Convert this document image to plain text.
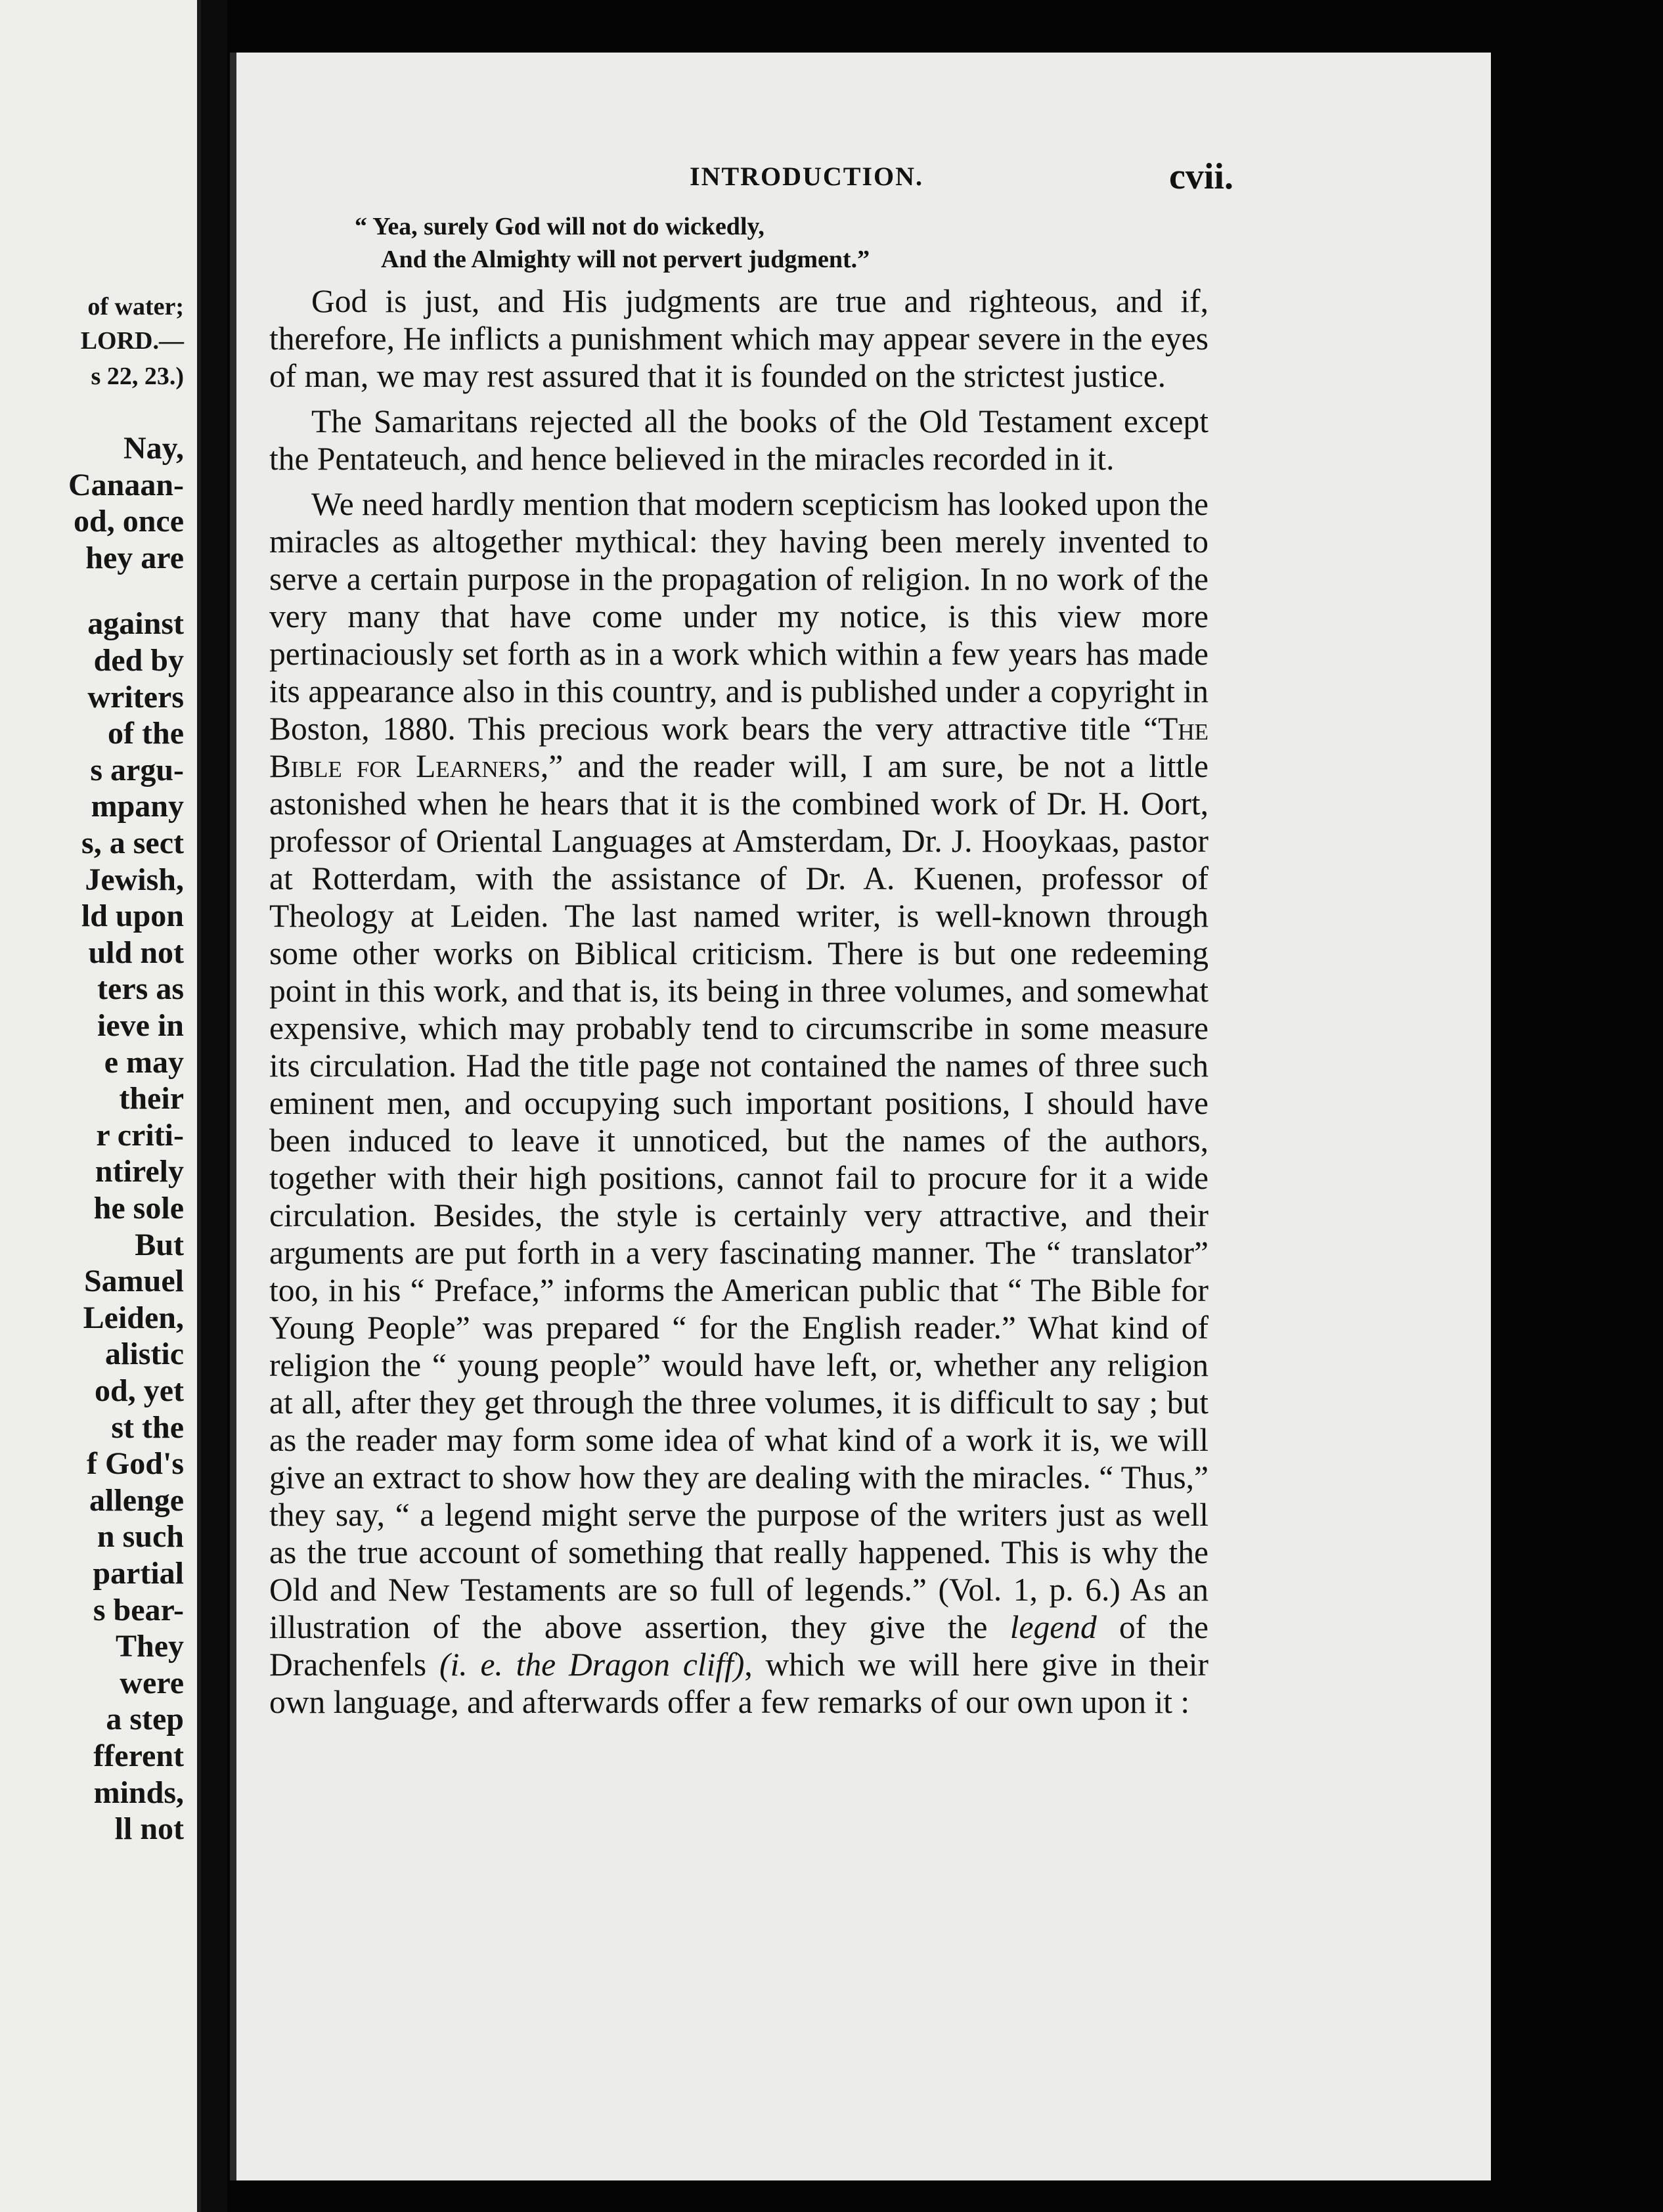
of water;
LORD.—
s 22, 23.)
Nay,
Canaan-
od, once
hey are
against
ded by
writers
of the
s argu-
mpany
s, a sect
Jewish,
ld upon
uld not
ters as
ieve in
e may
their
r criti-
ntirely
he sole
But
Samuel
Leiden,
alistic
od, yet
st the
f God's
allenge
n such
partial
s bear-
They
were
a step
fferent
minds,
ll not
INTRODUCTION.	cvii.
“ Yea, surely God will not do wickedly,
And the Almighty will not pervert judgment.”

God is just, and His judgments are true and righteous, and if, therefore, He inflicts a punishment which may appear severe in the eyes of man, we may rest assured that it is founded on the strictest justice.

The Samaritans rejected all the books of the Old Testament except the Pentateuch, and hence believed in the miracles recorded in it.

We need hardly mention that modern scepticism has looked upon the miracles as altogether mythical: they having been merely invented to serve a certain purpose in the propagation of religion. In no work of the very many that have come under my notice, is this view more pertinaciously set forth as in a work which within a few years has made its appearance also in this country, and is published under a copyright in Boston, 1880. This precious work bears the very attractive title “The Bible for Learners,” and the reader will, I am sure, be not a little astonished when he hears that it is the combined work of Dr. H. Oort, professor of Oriental Languages at Amsterdam, Dr. J. Hooykaas, pastor at Rotterdam, with the assistance of Dr. A. Kuenen, professor of Theology at Leiden. The last named writer, is well-known through some other works on Biblical criticism. There is but one redeeming point in this work, and that is, its being in three volumes, and somewhat expensive, which may probably tend to circumscribe in some measure its circulation. Had the title page not contained the names of three such eminent men, and occupying such important positions, I should have been induced to leave it unnoticed, but the names of the authors, together with their high positions, cannot fail to procure for it a wide circulation. Besides, the style is certainly very attractive, and their arguments are put forth in a very fascinating manner. The “ translator” too, in his “ Preface,” informs the American public that “ The Bible for Young People” was prepared “ for the English reader.” What kind of religion the “ young people” would have left, or, whether any religion at all, after they get through the three volumes, it is difficult to say ; but as the reader may form some idea of what kind of a work it is, we will give an extract to show how they are dealing with the miracles. “ Thus,” they say, “ a legend might serve the purpose of the writers just as well as the true account of something that really happened. This is why the Old and New Testaments are so full of legends.” (Vol. 1, p. 6.) As an illustration of the above assertion, they give the legend of the Drachenfels (i. e. the Dragon cliff), which we will here give in their own language, and afterwards offer a few remarks of our own upon it :
